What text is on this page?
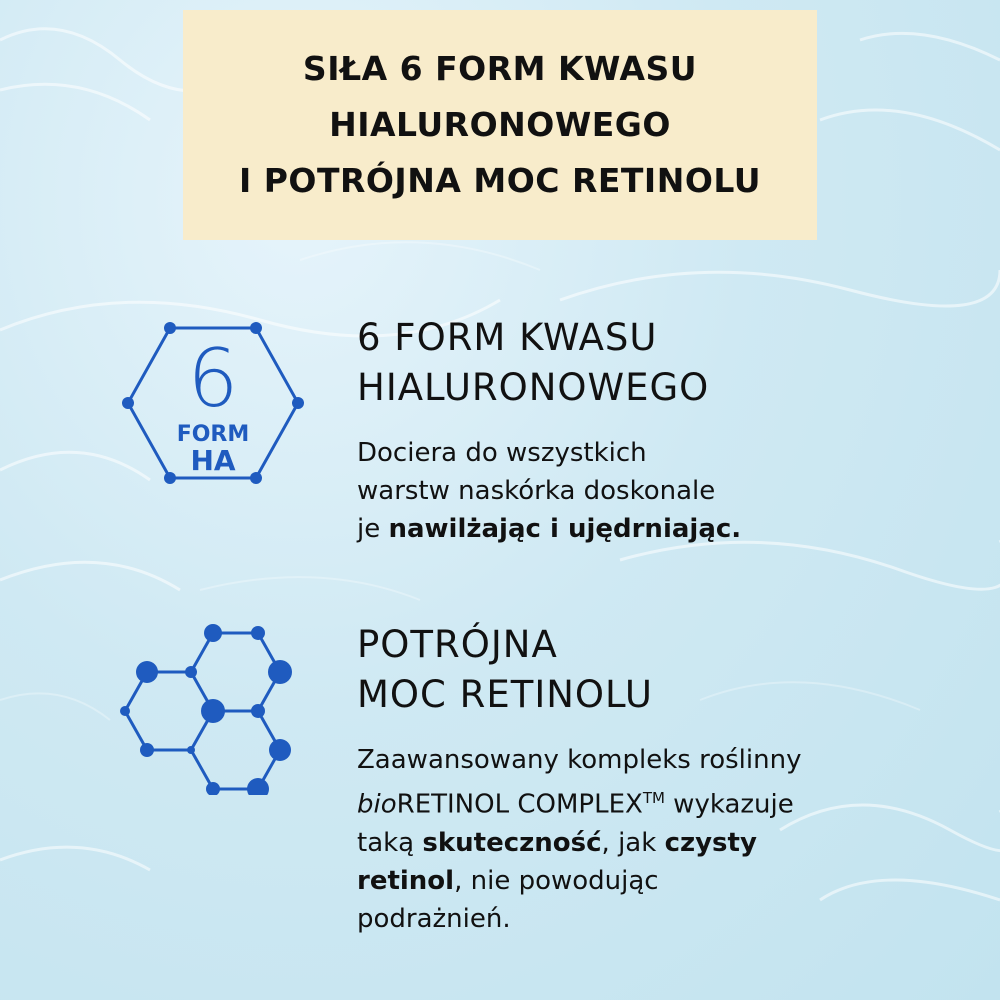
SIŁA 6 FORM KWASU
HIALURONOWEGO
I POTRÓJNA MOC RETINOLU
6
FORM
HA
6 FORM KWASU
HIALURONOWEGO
Dociera do wszystkich
warstw naskórka doskonale
je nawilżając i ujędrniając.
POTRÓJNA
MOC RETINOLU
Zaawansowany kompleks roślinny
bioRETINOL COMPLEX™ wykazuje
taką skuteczność, jak czysty
retinol, nie powodując
podrażnień.
